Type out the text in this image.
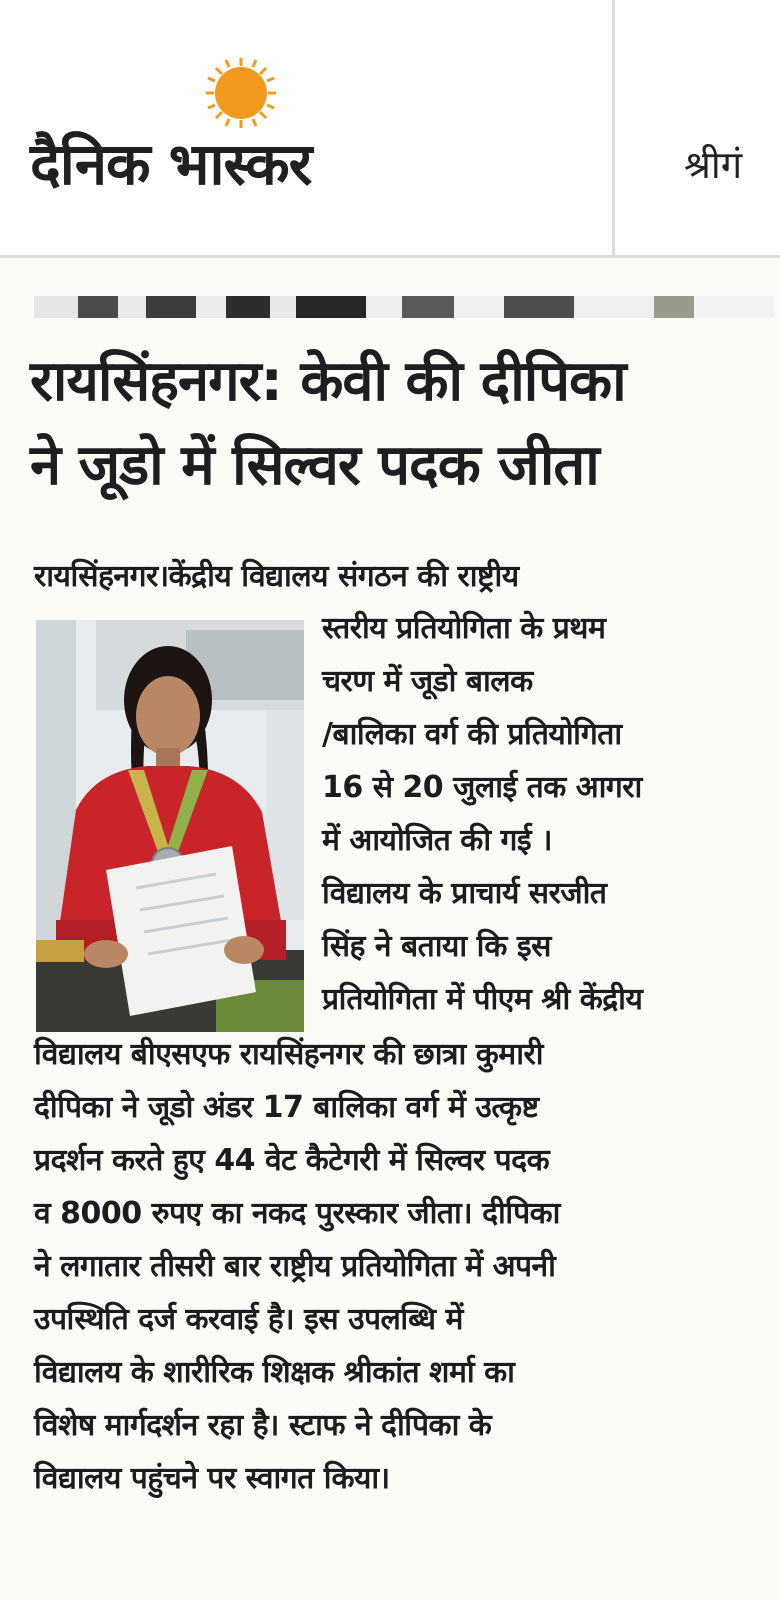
दैनिक भास्कर	श्रीगं
रायसिंहनगर: केवी की दीपिका
ने जूडो में सिल्वर पदक जीता
रायसिंहनगर।केंद्रीय विद्यालय संगठन की राष्ट्रीय
स्तरीय प्रतियोगिता के प्रथम
चरण में जूडो बालक
/बालिका वर्ग की प्रतियोगिता
16 से 20 जुलाई तक आगरा
में आयोजित की गई ।
विद्यालय के प्राचार्य सरजीत
सिंह ने बताया कि इस
प्रतियोगिता में पीएम श्री केंद्रीय
विद्यालय बीएसएफ रायसिंहनगर की छात्रा कुमारी
दीपिका ने जूडो अंडर 17 बालिका वर्ग में उत्कृष्ट
प्रदर्शन करते हुए 44 वेट कैटेगरी में सिल्वर पदक
व 8000 रुपए का नकद पुरस्कार जीता। दीपिका
ने लगातार तीसरी बार राष्ट्रीय प्रतियोगिता में अपनी
उपस्थिति दर्ज करवाई है। इस उपलब्धि में
विद्यालय के शारीरिक शिक्षक श्रीकांत शर्मा का
विशेष मार्गदर्शन रहा है। स्टाफ ने दीपिका के
विद्यालय पहुंचने पर स्वागत किया।
